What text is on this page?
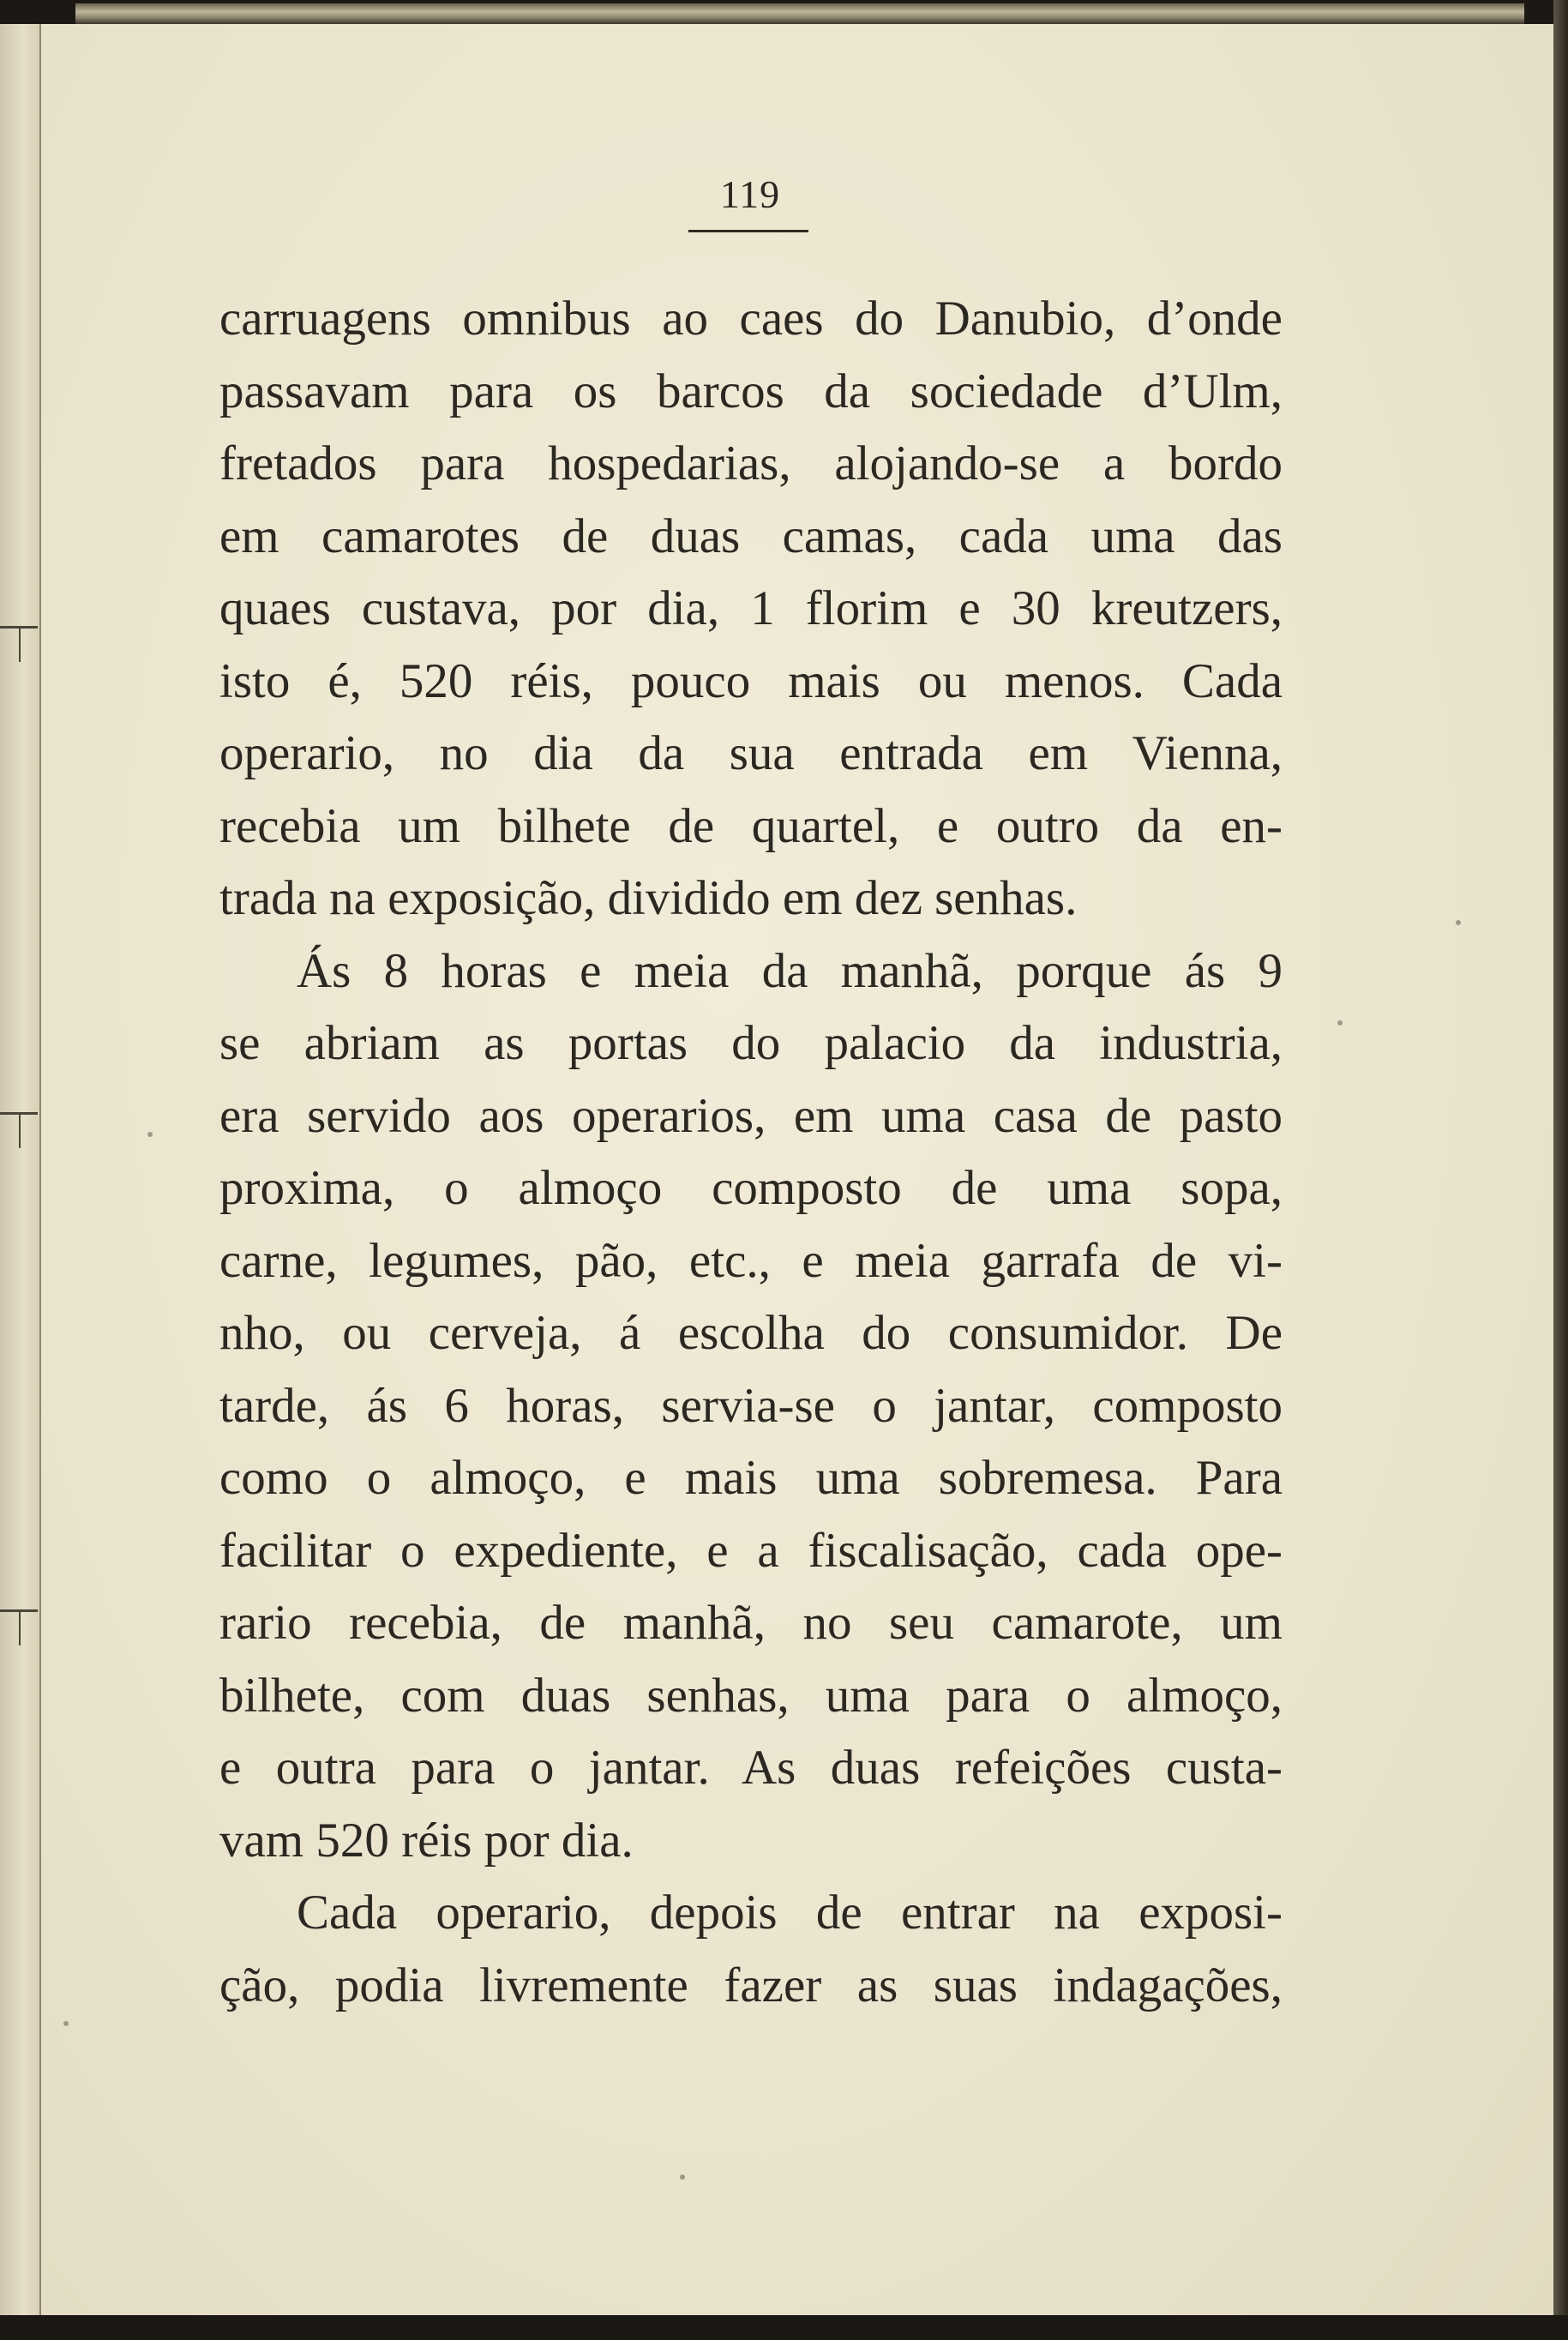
119
carruagens omnibus ao caes do Danubio, d’onde
passavam para os barcos da sociedade d’Ulm,
fretados para hospedarias, alojando-se a bordo
em camarotes de duas camas, cada uma das
quaes custava, por dia, 1 florim e 30 kreutzers,
isto é, 520 réis, pouco mais ou menos. Cada
operario, no dia da sua entrada em Vienna,
recebia um bilhete de quartel, e outro da en-
trada na exposição, dividido em dez senhas.
Ás 8 horas e meia da manhã, porque ás 9
se abriam as portas do palacio da industria,
era servido aos operarios, em uma casa de pasto
proxima, o almoço composto de uma sopa,
carne, legumes, pão, etc., e meia garrafa de vi-
nho, ou cerveja, á escolha do consumidor. De
tarde, ás 6 horas, servia-se o jantar, composto
como o almoço, e mais uma sobremesa. Para
facilitar o expediente, e a fiscalisação, cada ope-
rario recebia, de manhã, no seu camarote, um
bilhete, com duas senhas, uma para o almoço,
e outra para o jantar. As duas refeições custa-
vam 520 réis por dia.
Cada operario, depois de entrar na exposi-
ção, podia livremente fazer as suas indagações,
